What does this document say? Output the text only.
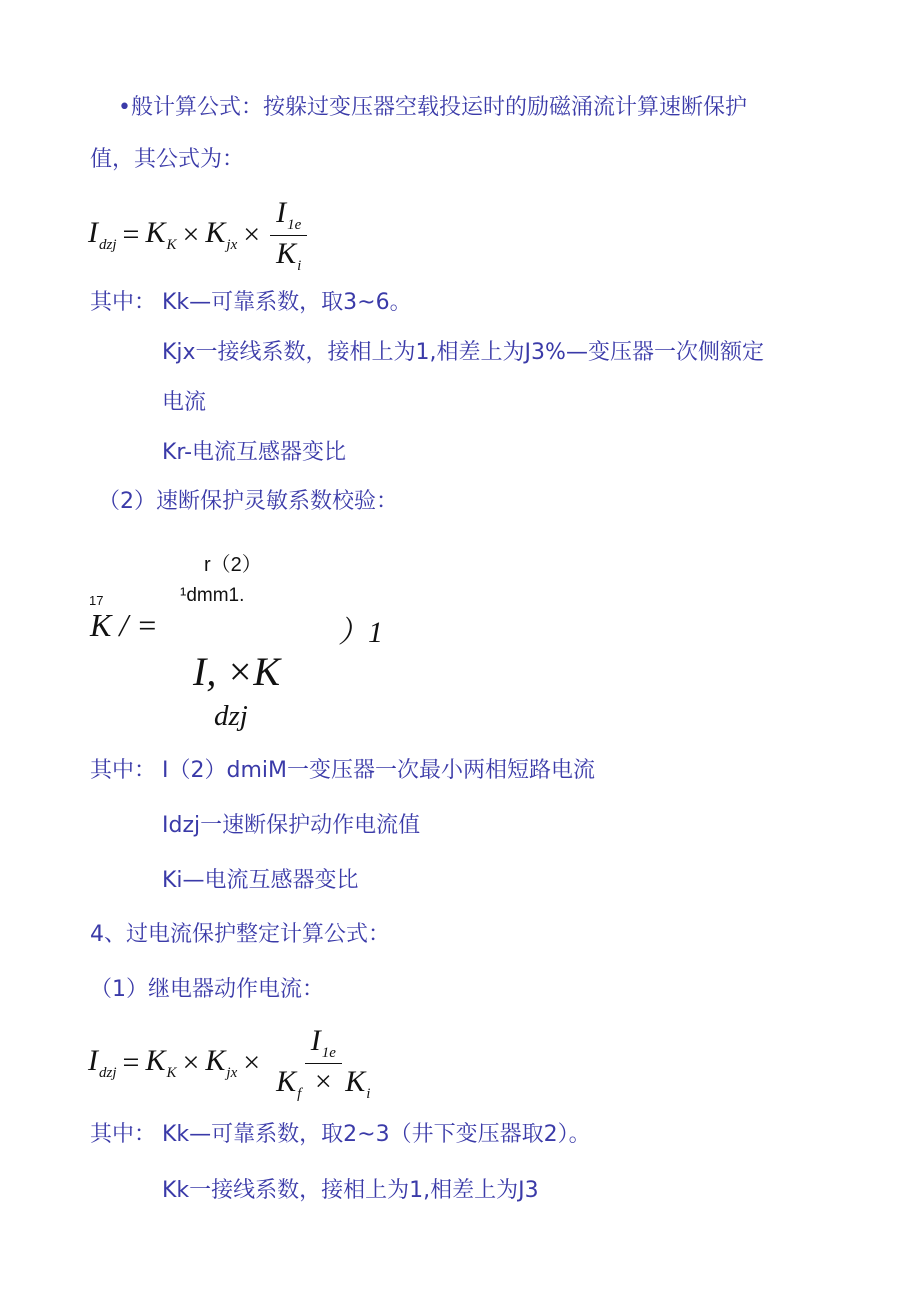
•般计算公式：按躲过变压器空载投运时的励磁涌流计算速断保护
值，其公式为：
$I_{dzj} = K_K \times K_{jx} \times \frac{I_{1e}}{K_i}$
其中： Kk—可靠系数，取3~6。
Kjx一接线系数，接相上为1,相差上为J3%—变压器一次侧额定
电流
Kr-电流互感器变比
（2）速断保护灵敏系数校验：
r（2）
¹dmm1.
17
K / =	）1
I, ×K
dzj
其中： I（2）dmiM一变压器一次最小两相短路电流
Idzj一速断保护动作电流值
Ki—电流互感器变比
4、过电流保护整定计算公式：
（1）继电器动作电流：
$I_{dzj} = K_K \times K_{jx} \times \frac{I_{1e}}{K_f \times K_i}$
其中： Kk—可靠系数，取2~3（井下变压器取2）。
Kk一接线系数，接相上为1,相差上为J3
